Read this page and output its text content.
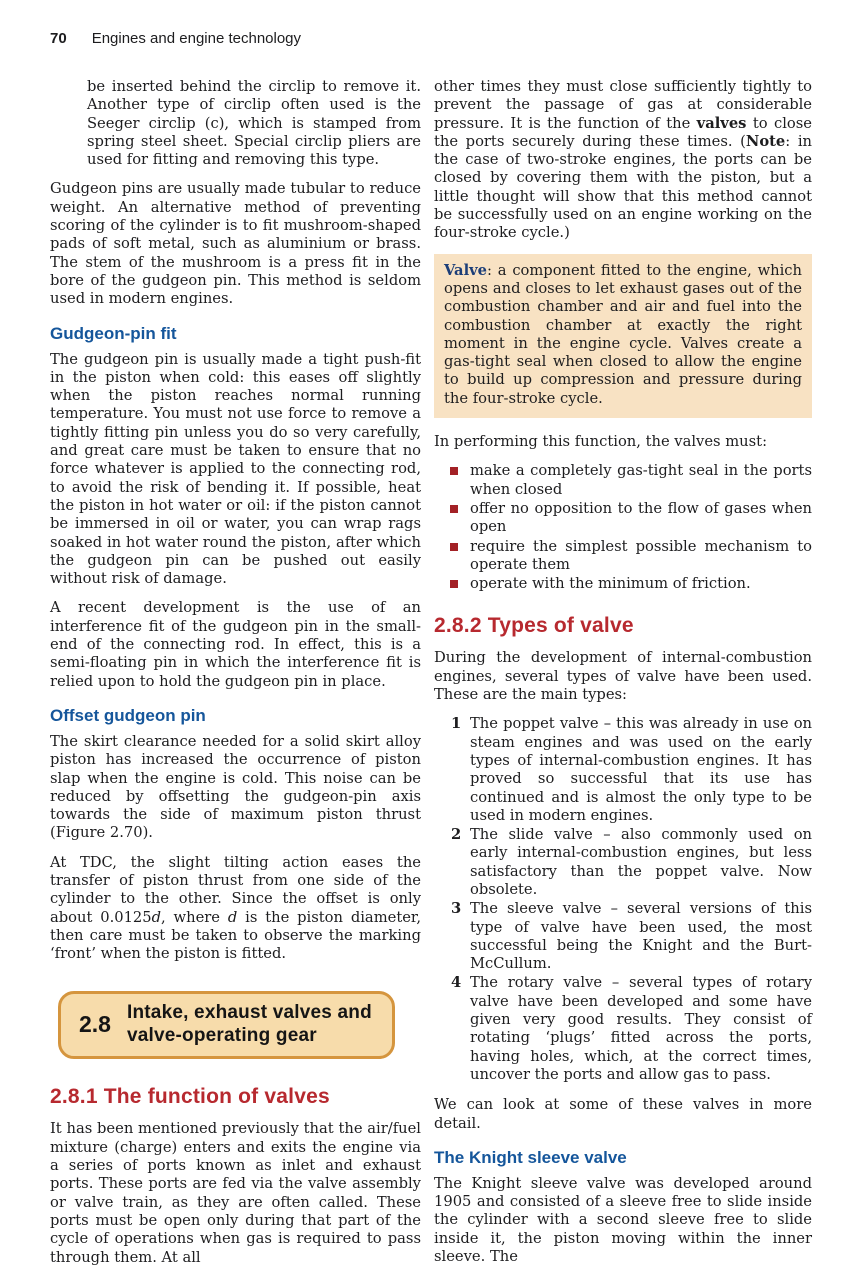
70 Engines and engine technology

be inserted behind the circlip to remove it. Another type of circlip often used is the Seeger circlip (c), which is stamped from spring steel sheet. Special circlip pliers are used for fitting and removing this type.

Gudgeon pins are usually made tubular to reduce weight. An alternative method of preventing scoring of the cylinder is to fit mushroom-shaped pads of soft metal, such as aluminium or brass. The stem of the mushroom is a press fit in the bore of the gudgeon pin. This method is seldom used in modern engines.

Gudgeon-pin fit

The gudgeon pin is usually made a tight push-fit in the piston when cold: this eases off slightly when the piston reaches normal running temperature. You must not use force to remove a tightly fitting pin unless you do so very carefully, and great care must be taken to ensure that no force whatever is applied to the connecting rod, to avoid the risk of bending it. If possible, heat the piston in hot water or oil: if the piston cannot be immersed in oil or water, you can wrap rags soaked in hot water round the piston, after which the gudgeon pin can be pushed out easily without risk of damage.

A recent development is the use of an interference fit of the gudgeon pin in the small-end of the connecting rod. In effect, this is a semi-floating pin in which the interference fit is relied upon to hold the gudgeon pin in place.

Offset gudgeon pin

The skirt clearance needed for a solid skirt alloy piston has increased the occurrence of piston slap when the engine is cold. This noise can be reduced by offsetting the gudgeon-pin axis towards the side of maximum piston thrust (Figure 2.70).

At TDC, the slight tilting action eases the transfer of piston thrust from one side of the cylinder to the other. Since the offset is only about 0.0125d, where d is the piston diameter, then care must be taken to observe the marking ‘front’ when the piston is fitted.

2.8 Intake, exhaust valves and
valve-operating gear
2.8.1 The function of valves

It has been mentioned previously that the air/fuel mixture (charge) enters and exits the engine via a series of ports known as inlet and exhaust ports. These ports are fed via the valve assembly or valve train, as they are often called. These ports must be open only during that part of the cycle of operations when gas is required to pass through them. At all

other times they must close sufficiently tightly to prevent the passage of gas at considerable pressure. It is the function of the valves to close the ports securely during these times. (Note: in the case of two-stroke engines, the ports can be closed by covering them with the piston, but a little thought will show that this method cannot be successfully used on an engine working on the four-stroke cycle.)

Valve: a component fitted to the engine, which opens and closes to let exhaust gases out of the combustion chamber and air and fuel into the combustion chamber at exactly the right moment in the engine cycle. Valves create a gas-tight seal when closed to allow the engine to build up compression and pressure during the four-stroke cycle.

In performing this function, the valves must:

make a completely gas-tight seal in the ports when closed
offer no opposition to the flow of gases when open
require the simplest possible mechanism to operate them
operate with the minimum of friction.
2.8.2 Types of valve

During the development of internal-combustion engines, several types of valve have been used. These are the main types:

1 The poppet valve – this was already in use on steam engines and was used on the early types of internal-combustion engines. It has proved so successful that its use has continued and is almost the only type to be used in modern engines.
2 The slide valve – also commonly used on early internal-combustion engines, but less satisfactory than the poppet valve. Now obsolete.
3 The sleeve valve – several versions of this type of valve have been used, the most successful being the Knight and the Burt-McCullum.
4 The rotary valve – several types of rotary valve have been developed and some have given very good results. They consist of rotating ‘plugs’ fitted across the ports, having holes, which, at the correct times, uncover the ports and allow gas to pass.

We can look at some of these valves in more detail.

The Knight sleeve valve

The Knight sleeve valve was developed around 1905 and consisted of a sleeve free to slide inside the cylinder with a second sleeve free to slide inside it, the piston moving within the inner sleeve. The
